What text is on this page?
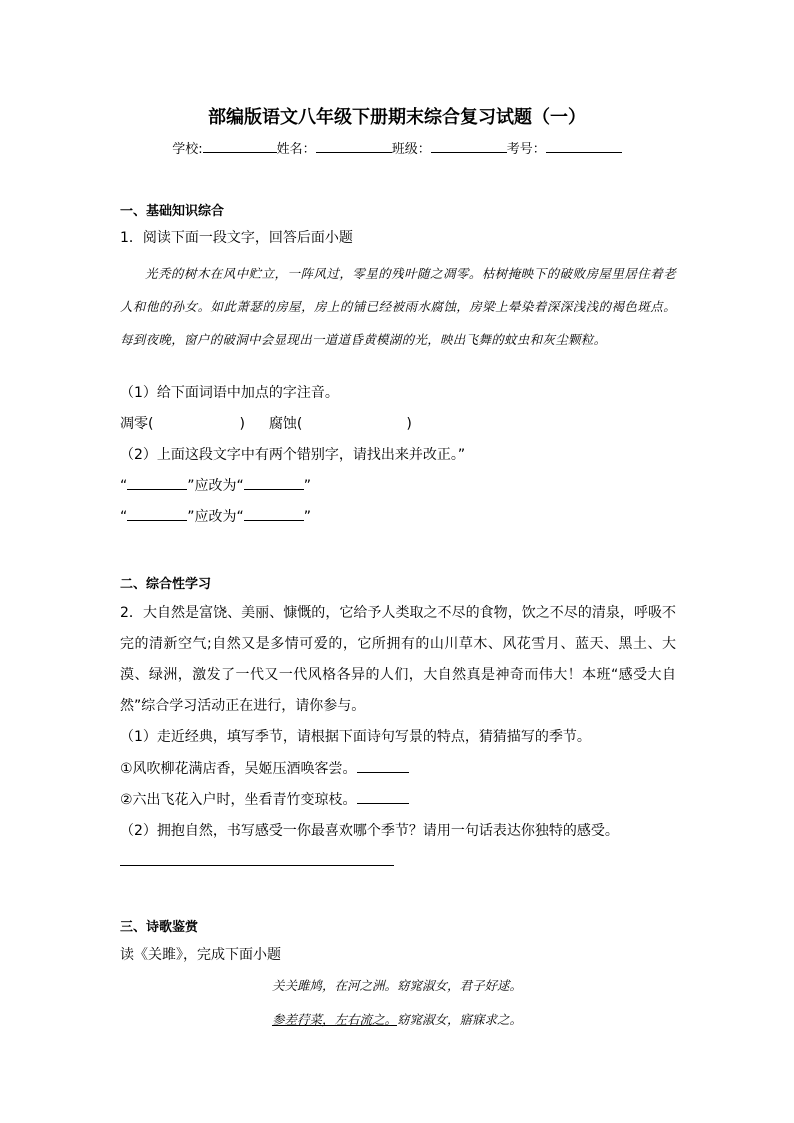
部编版语文八年级下册期末综合复习试题（一）
学校:	姓名：	班级：	考号：
一、基础知识综合
1．阅读下面一段文字，回答后面小题
光秃的树木在风中贮立，一阵风过，零星的残叶随之凋零。枯树掩映下的破败房屋里居住着老人和他的孙女。如此萧瑟的房屋，房上的铺已经被雨水腐蚀，房梁上晕染着深深浅浅的褐色斑点。每到夜晚，窗户的破洞中会显现出一道道昏黄模湖的光，映出飞舞的蚊虫和灰尘颗粒。
（1）给下面词语中加点的字注音。
凋零(	) 腐蚀(	)
（2）上面这段文字中有两个错别字，请找出来并改正。”
“	”应改为“	”
“	”应改为“	”
二、综合性学习
2．大自然是富饶、美丽、慷慨的，它给予人类取之不尽的食物，饮之不尽的清泉，呼吸不完的清新空气;自然又是多情可爱的，它所拥有的山川草木、风花雪月、蓝天、黑土、大漠、绿洲，激发了一代又一代风格各异的人们，大自然真是神奇而伟大！本班“感受大自然”综合学习活动正在进行，请你参与。
（1）走近经典，填写季节，请根据下面诗句写景的特点，猜猜描写的季节。
①风吹柳花满店香，吴姬压酒唤客尝。
②六出飞花入户时，坐看青竹变琼枝。
（2）拥抱自然，书写感受一你最喜欢哪个季节？请用一句话表达你独特的感受。
三、诗歌鉴赏
读《关雎》，完成下面小题
关关雎鸠，在河之洲。窈窕淑女，君子好逑。
参差荇菜，左右流之。窈窕淑女，寤寐求之。
